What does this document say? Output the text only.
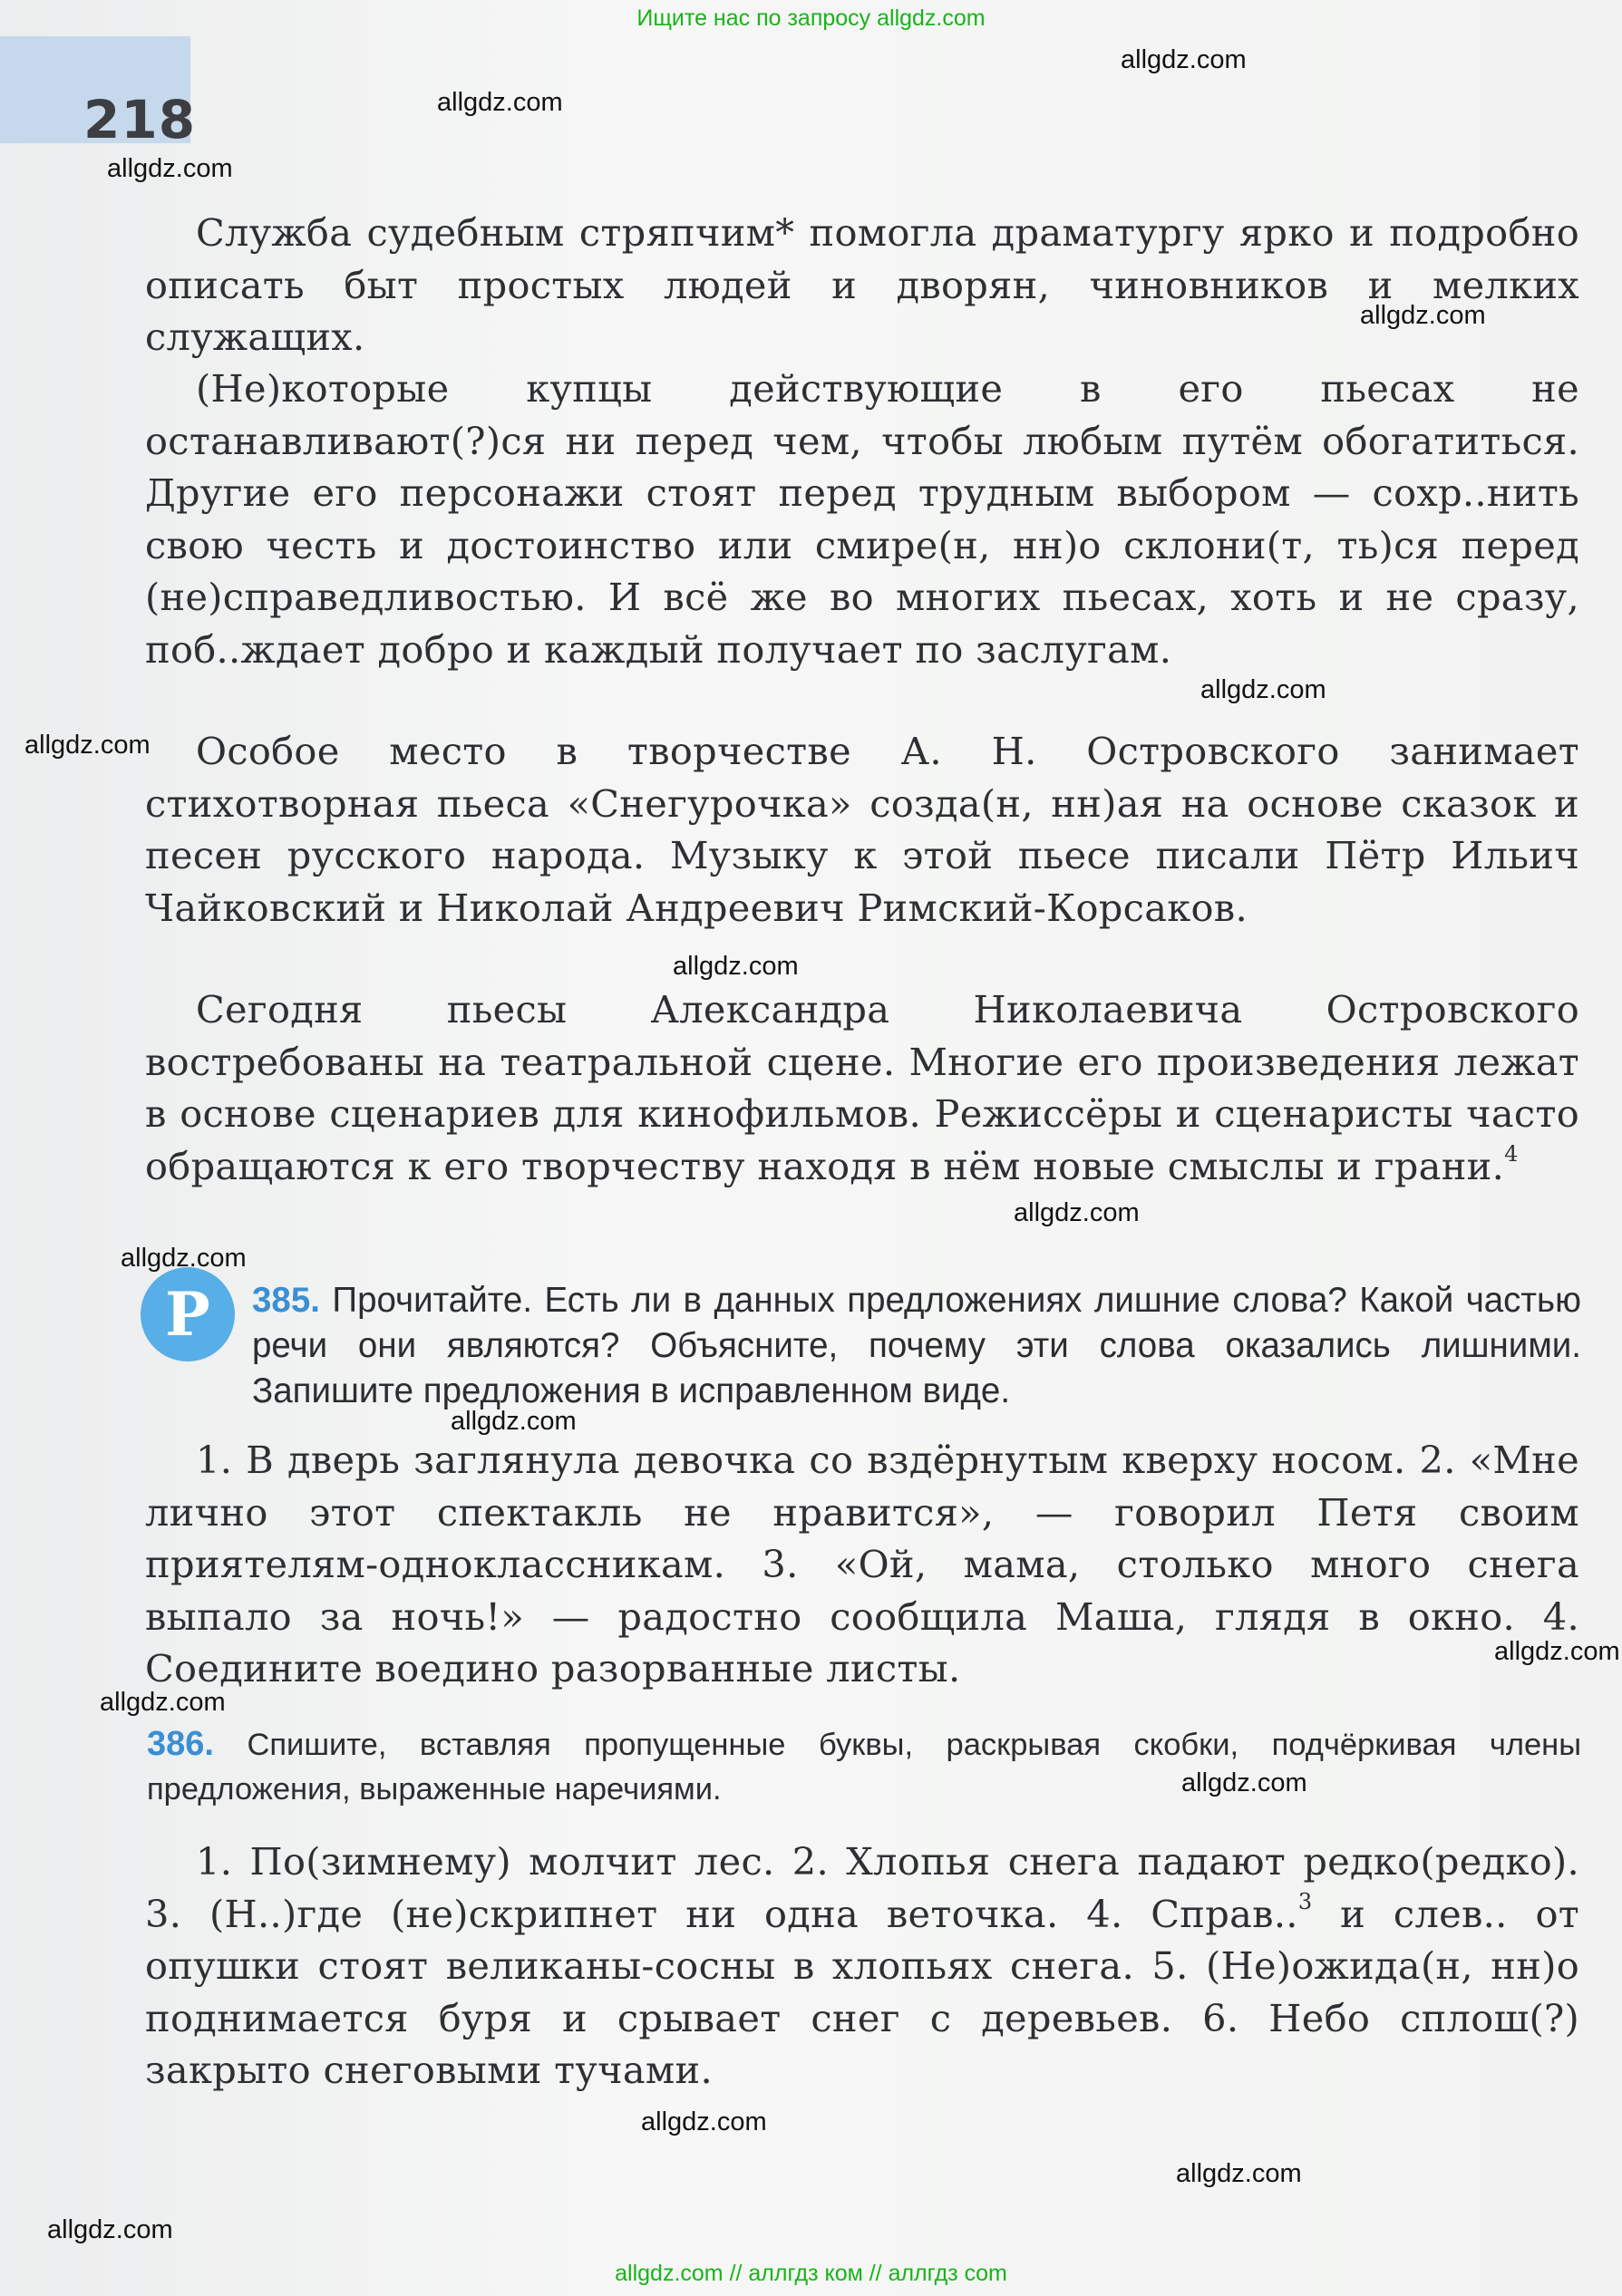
218
Ищите нас по запросу allgdz.com
Служба судебным стряпчим* помогла драматургу ярко и подробно описать быт простых людей и дворян, чиновников и мелких служащих.
(Не)которые купцы действующие в его пьесах не останавливают(?)ся ни перед чем, чтобы любым путём обогатиться. Другие его персонажи стоят перед трудным выбором — сохр..нить свою честь и достоинство или смире(н, нн)о склони(т, ть)ся перед (не)справедливостью. И всё же во многих пьесах, хоть и не сразу, поб..ждает добро и каждый получает по заслугам.
Особое место в творчестве А. Н. Островского занимает стихотворная пьеса «Снегурочка» созда(н, нн)ая на основе сказок и песен русского народа. Музыку к этой пьесе писали Пётр Ильич Чайковский и Николай Андреевич Римский-Корсаков.
Сегодня пьесы Александра Николаевича Островского востребованы на театральной сцене. Многие его произведения лежат в основе сценариев для кинофильмов. Режиссёры и сценаристы часто обращаются к его творчеству находя в нём новые смыслы и грани.$^4$
Р	385. Прочитайте. Есть ли в данных предложениях лишние слова? Какой частью речи они являются? Объясните, почему эти слова оказались лишними. Запишите предложения в исправленном виде.
1. В дверь заглянула девочка со вздёрнутым кверху носом. 2. «Мне лично этот спектакль не нравится», — говорил Петя своим приятелям-одноклассникам. 3. «Ой, мама, столько много снега выпало за ночь!» — радостно сообщила Маша, глядя в окно. 4. Соедините воедино разорванные листы.
386. Спишите, вставляя пропущенные буквы, раскрывая скобки, подчёркивая члены предложения, выраженные наречиями.
1. По(зимнему) молчит лес. 2. Хлопья снега падают редко(редко). 3. (Н..)где (не)скрипнет ни одна веточка. 4. Справ..$^3$ и слев.. от опушки стоят великаны-сосны в хлопьях снега. 5. (Не)ожида(н, нн)о поднимается буря и срывает снег с деревьев. 6. Небо сплош(?) закрыто снеговыми тучами.
allgdz.com
allgdz.com
allgdz.com
allgdz.com
allgdz.com
allgdz.com
allgdz.com
allgdz.com
allgdz.com
allgdz.com
allgdz.com
allgdz.com
allgdz.com
allgdz.com
allgdz.com
allgdz.com
allgdz.com // аллгдз ком // аллгдз com
